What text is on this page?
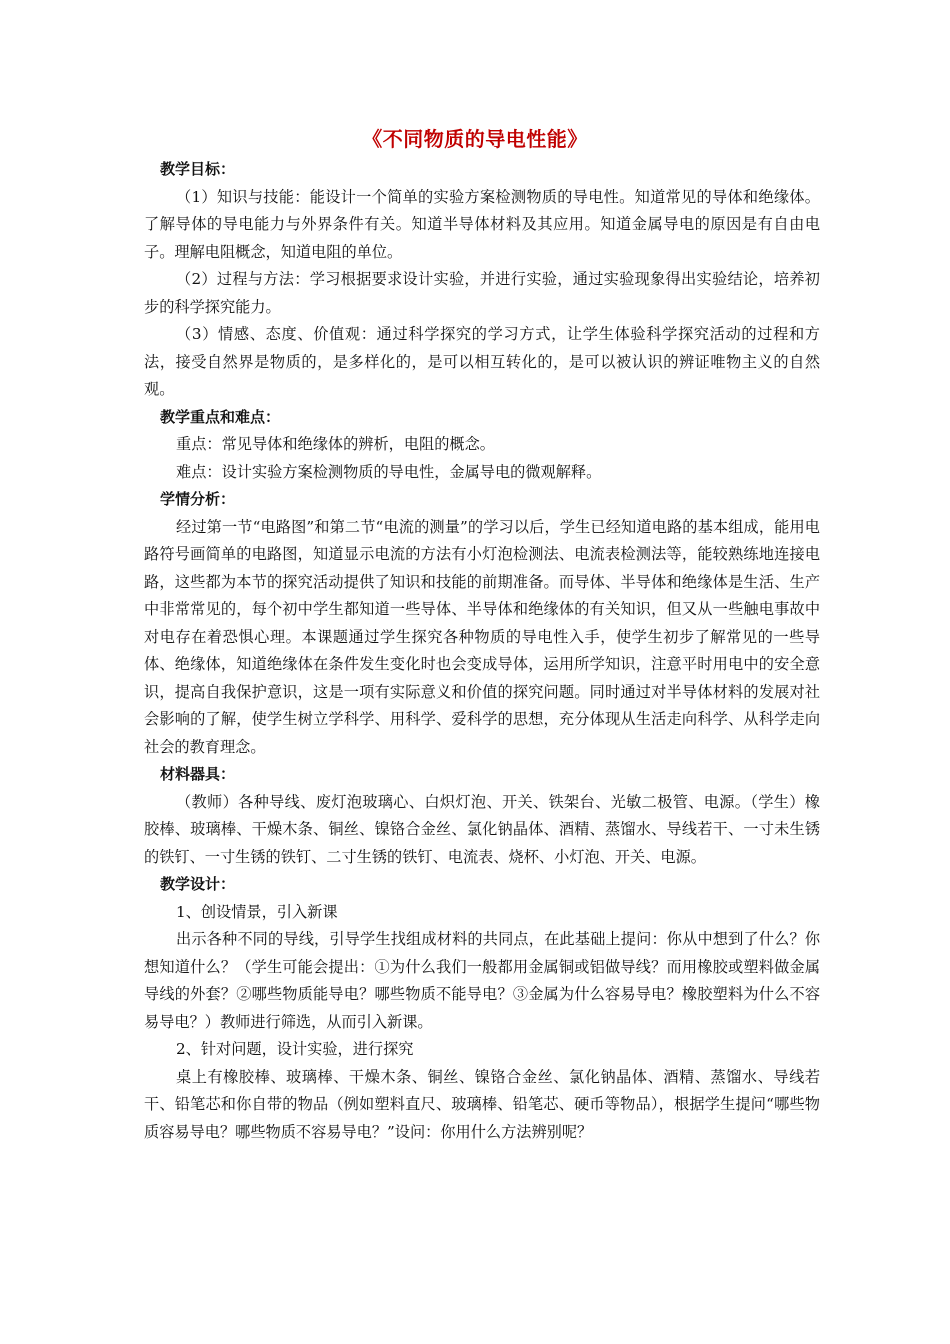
《不同物质的导电性能》

教学目标：

（1）知识与技能：能设计一个简单的实验方案检测物质的导电性。知道常见的导体和绝缘体。了解导体的导电能力与外界条件有关。知道半导体材料及其应用。知道金属导电的原因是有自由电子。理解电阻概念，知道电阻的单位。

（2）过程与方法：学习根据要求设计实验，并进行实验，通过实验现象得出实验结论，培养初步的科学探究能力。

（3）情感、态度、价值观：通过科学探究的学习方式，让学生体验科学探究活动的过程和方法，接受自然界是物质的，是多样化的，是可以相互转化的，是可以被认识的辨证唯物主义的自然观。

教学重点和难点：

重点：常见导体和绝缘体的辨析，电阻的概念。

难点：设计实验方案检测物质的导电性，金属导电的微观解释。

学情分析：

经过第一节“电路图”和第二节“电流的测量”的学习以后，学生已经知道电路的基本组成，能用电路符号画简单的电路图，知道显示电流的方法有小灯泡检测法、电流表检测法等，能较熟练地连接电路，这些都为本节的探究活动提供了知识和技能的前期准备。而导体、半导体和绝缘体是生活、生产中非常常见的，每个初中学生都知道一些导体、半导体和绝缘体的有关知识，但又从一些触电事故中对电存在着恐惧心理。本课题通过学生探究各种物质的导电性入手，使学生初步了解常见的一些导体、绝缘体，知道绝缘体在条件发生变化时也会变成导体，运用所学知识，注意平时用电中的安全意识，提高自我保护意识，这是一项有实际意义和价值的探究问题。同时通过对半导体材料的发展对社会影响的了解，使学生树立学科学、用科学、爱科学的思想，充分体现从生活走向科学、从科学走向社会的教育理念。

材料器具：

（教师）各种导线、废灯泡玻璃心、白炽灯泡、开关、铁架台、光敏二极管、电源。（学生）橡胶棒、玻璃棒、干燥木条、铜丝、镍铬合金丝、氯化钠晶体、酒精、蒸馏水、导线若干、一寸未生锈的铁钉、一寸生锈的铁钉、二寸生锈的铁钉、电流表、烧杯、小灯泡、开关、电源。

教学设计：

1、创设情景，引入新课

出示各种不同的导线，引导学生找组成材料的共同点，在此基础上提问：你从中想到了什么？你想知道什么？（学生可能会提出：①为什么我们一般都用金属铜或铝做导线？而用橡胶或塑料做金属导线的外套？②哪些物质能导电？哪些物质不能导电？③金属为什么容易导电？橡胶塑料为什么不容易导电？）教师进行筛选，从而引入新课。

2、针对问题，设计实验，进行探究

桌上有橡胶棒、玻璃棒、干燥木条、铜丝、镍铬合金丝、氯化钠晶体、酒精、蒸馏水、导线若干、铅笔芯和你自带的物品（例如塑料直尺、玻璃棒、铅笔芯、硬币等物品），根据学生提问“哪些物质容易导电？哪些物质不容易导电？”设问：你用什么方法辨别呢？
